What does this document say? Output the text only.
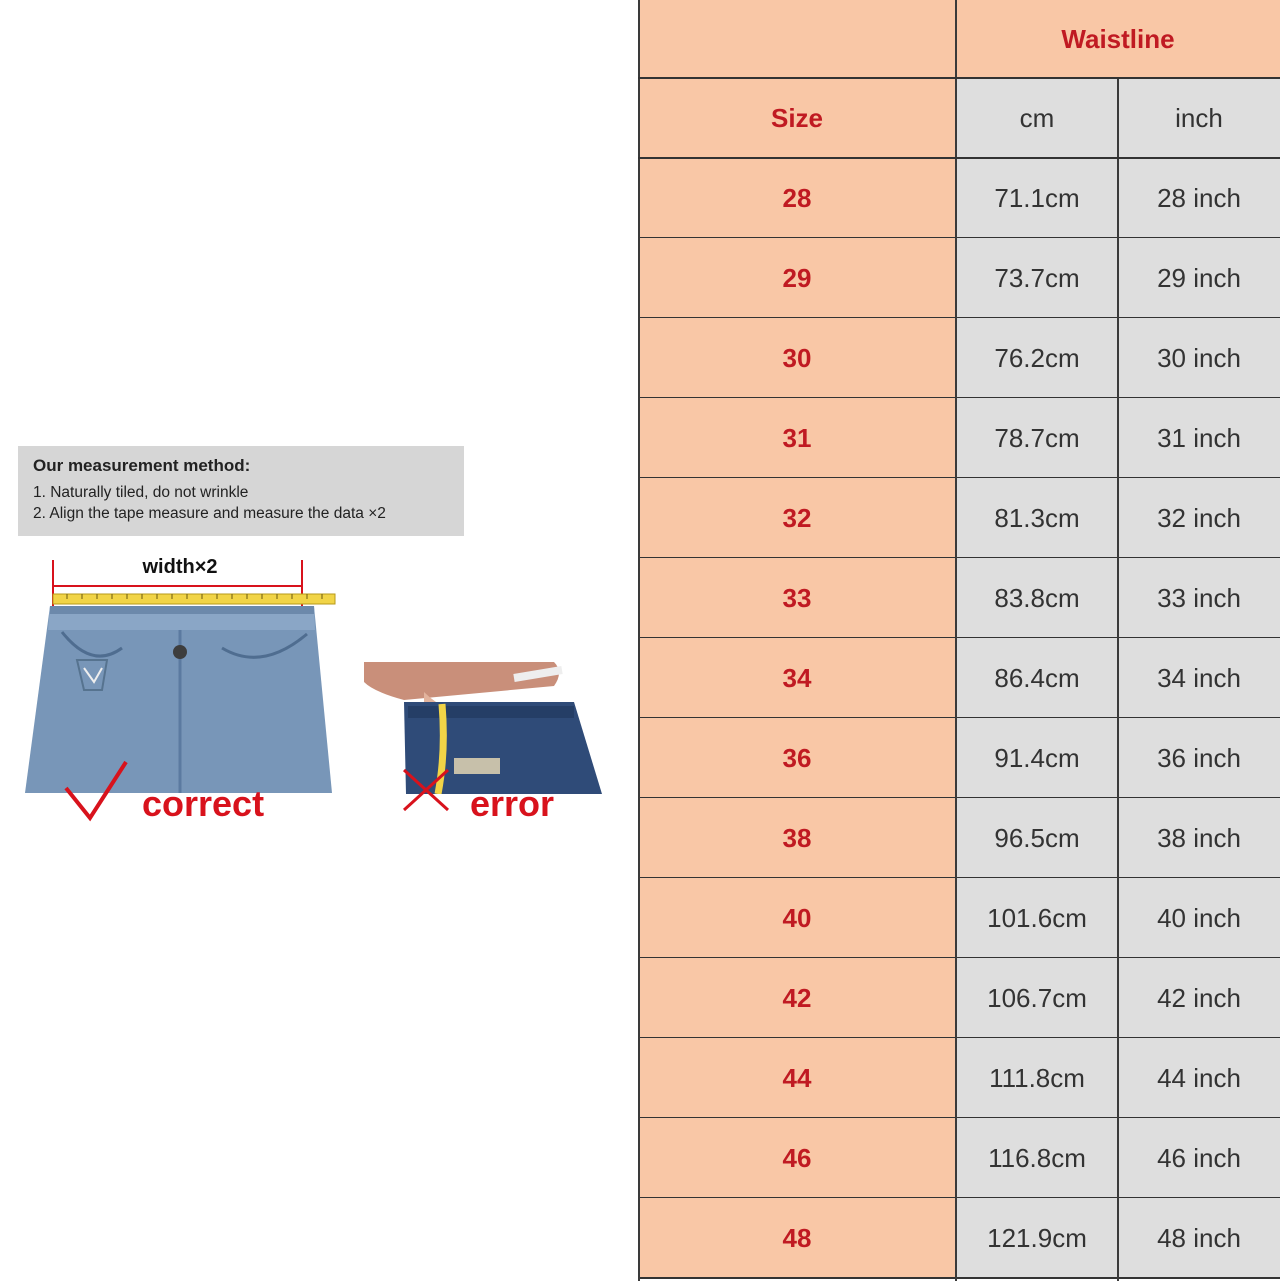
Our measurement method:
1. Naturally tiled, do not wrinkle
2. Align the tape measure and measure the data ×2
width×2
correct	error
Waistline
Size	cm	inch
28	71.1cm	28 inch
29	73.7cm	29 inch
30	76.2cm	30 inch
31	78.7cm	31 inch
32	81.3cm	32 inch
33	83.8cm	33 inch
34	86.4cm	34 inch
36	91.4cm	36 inch
38	96.5cm	38 inch
40	101.6cm	40 inch
42	106.7cm	42 inch
44	111.8cm	44 inch
46	116.8cm	46 inch
48	121.9cm	48 inch
